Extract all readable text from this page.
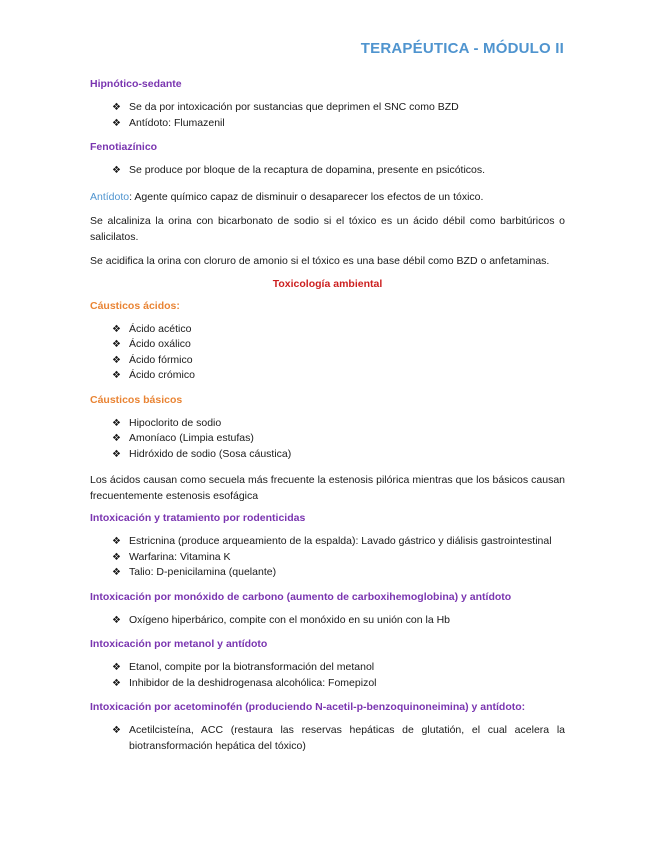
TERAPÉUTICA - MÓDULO II
Hipnótico-sedante
❖ Se da por intoxicación por sustancias que deprimen el SNC como BZD
❖ Antídoto: Flumazenil
Fenotiazínico
❖ Se produce por bloque de la recaptura de dopamina, presente en psicóticos.

Antídoto: Agente químico capaz de disminuir o desaparecer los efectos de un tóxico.

Se alcaliniza la orina con bicarbonato de sodio si el tóxico es un ácido débil como barbitúricos o salicilatos.

Se acidifica la orina con cloruro de amonio si el tóxico es una base débil como BZD o anfetaminas.

Toxicología ambiental
Cáusticos ácidos:
❖ Ácido acético
❖ Ácido oxálico
❖ Ácido fórmico
❖ Ácido crómico
Cáusticos básicos
❖ Hipoclorito de sodio
❖ Amoníaco (Limpia estufas)
❖ Hidróxido de sodio (Sosa cáustica)

Los ácidos causan como secuela más frecuente la estenosis pilórica mientras que los básicos causan frecuentemente estenosis esofágica

Intoxicación y tratamiento por rodenticidas
❖ Estricnina (produce arqueamiento de la espalda): Lavado gástrico y diálisis gastrointestinal
❖ Warfarina: Vitamina K
❖ Talio: D-penicilamina (quelante)
Intoxicación por monóxido de carbono (aumento de carboxihemoglobina) y antídoto
❖ Oxígeno hiperbárico, compite con el monóxido en su unión con la Hb
Intoxicación por metanol y antídoto
❖ Etanol, compite por la biotransformación del metanol
❖ Inhibidor de la deshidrogenasa alcohólica: Fomepizol
Intoxicación por acetominofén (produciendo N-acetil-p-benzoquinoneimina) y antídoto:
❖ Acetilcisteína, ACC (restaura las reservas hepáticas de glutatión, el cual acelera la biotransformación hepática del tóxico)
